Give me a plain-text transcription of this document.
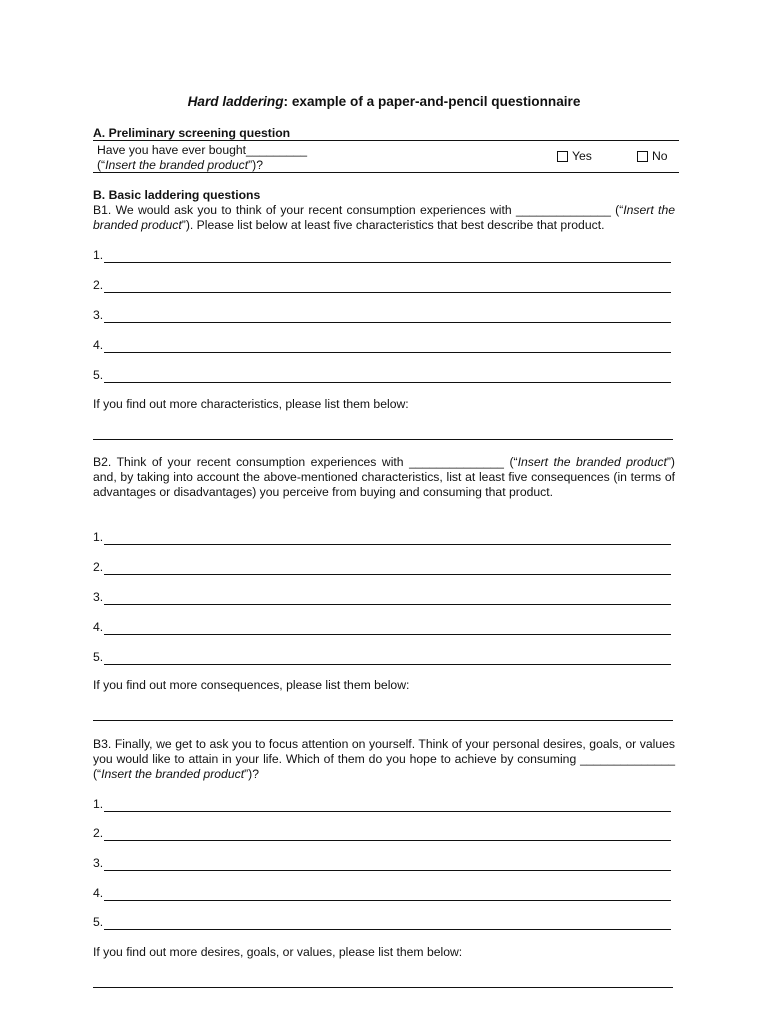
Hard laddering: example of a paper-and-pencil questionnaire
A. Preliminary screening question
Have you have ever bought_________
(“Insert the branded product”)?
Yes	No
B. Basic laddering questions
B1. We would ask you to think of your recent consumption experiences with ______________ (“Insert the branded product”). Please list below at least five characteristics that best describe that product.
1.
2.
3.
4.
5.
If you find out more characteristics, please list them below:
B2. Think of your recent consumption experiences with ______________ (“Insert the branded product”) and, by taking into account the above-mentioned characteristics, list at least five consequences (in terms of advantages or disadvantages) you perceive from buying and consuming that product.
1.
2.
3.
4.
5.
If you find out more consequences, please list them below:
B3. Finally, we get to ask you to focus attention on yourself. Think of your personal desires, goals, or values you would like to attain in your life. Which of them do you hope to achieve by consuming ______________ (“Insert the branded product”)?
1.
2.
3.
4.
5.
If you find out more desires, goals, or values, please list them below:
